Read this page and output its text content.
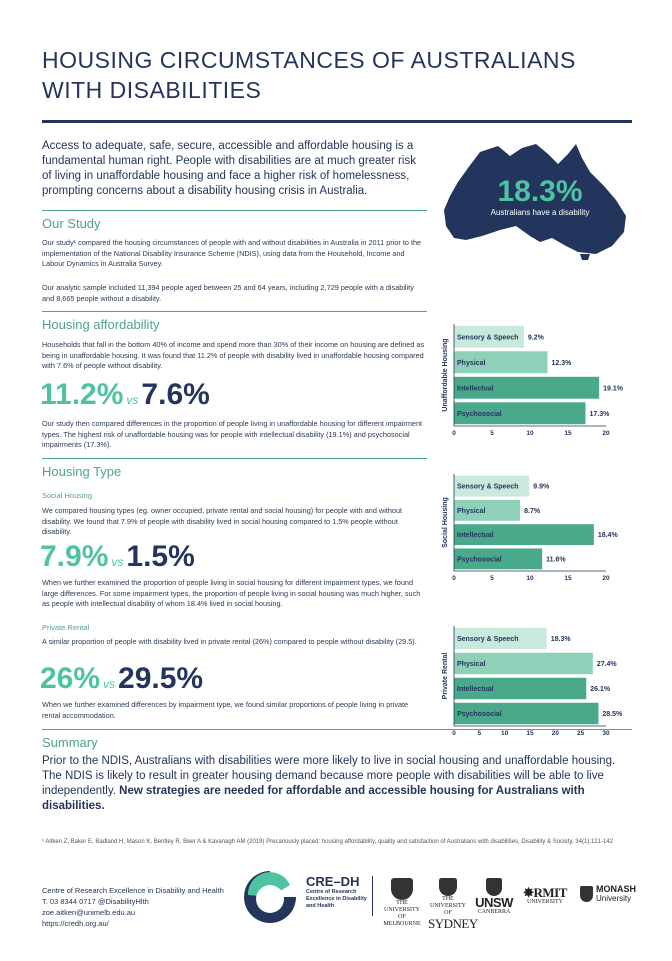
HOUSING CIRCUMSTANCES OF AUSTRALIANS WITH DISABILITIES
Access to adequate, safe, secure, accessible and affordable housing is a fundamental human right. People with disabilities are at much greater risk of living in unaffordable housing and face a higher risk of homelessness, prompting concerns about a disability housing crisis in Australia.	18.3%
Australians have a disability
Our Study
Our study¹ compared the housing circumstances of people with and without disabilities in Australia in 2011 prior to the implementation of the National Disability Insurance Scheme (NDIS), using data from the Household, Income and Labour Dynamics in Australia Survey.
Our analytic sample included 11,394 people aged between 25 and 64 years, including 2,729 people with a disability and 8,665 people without a disability.
Housing affordability
Households that fall in the bottom 40% of income and spend more than 30% of their income on housing are defined as being in unaffordable housing. It was found that 11.2% of people with disability lived in unaffordable housing compared with 7.6% of people without disability.
11.2% vs 7.6%
Our study then compared differences in the proportion of people living in unaffordable housing for different impairment types. The highest risk of unaffordable housing was for people with intellectual disability (19.1%) and psychosocial impairments (17.3%).
Housing Type
Social Housing
We compared housing types (eg. owner occupied, private rental and social housing) for people with and without disability. We found that 7.9% of people with disability lived in social housing compared to 1.5% people without disability.
7.9% vs 1.5%
When we further examined the proportion of people living in social housing for different impairment types, we found large differences. For some impairment types, the proportion of people living in social housing was much higher, such as people with intellectual disability of whom 18.4% lived in social housing.
Private Rental
A similar proportion of people with disability lived in private rental (26%) compared to people without disability (29.5).
26% vs 29.5%
When we further examined differences by impairment type, we found similar proportions of people living in private rental accommodation.
Unaffordable Housing
Sensory & Speech 9.2%
Physical	12.3%
Intellectual	19.1%
Psychosocial	17.3%
0	5	10	15	20
Social Housing
Sensory & Speech 9.9%
Physical	8.7%
Intellectual	18.4%
Psychosocial	11.6%
0	5	10	15	20
Private Rental
Sensory & Speech	18.3%
Physical	27.4%
Intellectual	26.1%
Psychosocial	28.5%
0	5	10	15	20	25	30
Summary
Prior to the NDIS, Australians with disabilities were more likely to live in social housing and unaffordable housing. The NDIS is likely to result in greater housing demand because more people with disabilities will be able to live independently. New strategies are needed for affordable and accessible housing for Australians with disabilities.
¹ Aitken Z, Baker E, Badland H, Mason K, Bentley R, Beer A & Kavanagh AM (2019) Precariously placed: housing affordability, quality and satisfaction of Australians with disabilities, Disability & Society, 34(1):121-142
Centre of Research Excellence in Disability and Health
T. 03 8344 0717 @DisabilityHlth
zoe.aitken@unimelb.edu.au
https://credh.org.au/
CRE–DH
Centre of Research Excellence in Disability and Health	THE UNIVERSITY OF MELBOURNE
THE UNIVERSITY OF
SYDNEY
UNSW
CANBERRA
✸RMIT
UNIVERSITY
MONASH
University
